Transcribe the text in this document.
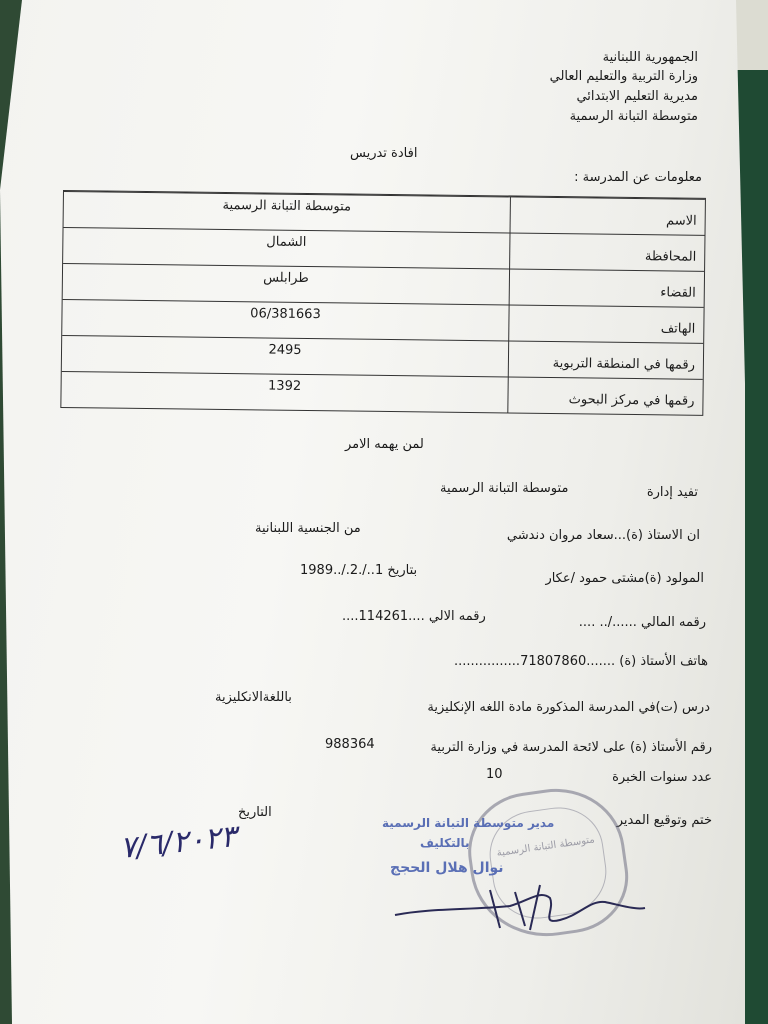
الجمهورية اللبنانية
وزارة التربية والتعليم العالي
مديرية التعليم الابتدائي
متوسطة التبانة الرسمية
افادة تدريس
معلومات عن المدرسة :
الاسم
متوسطة التبانة الرسمية
المحافظة
الشمال
القضاء
طرابلس
الهاتف
06/381663
رقمها في المنطقة التربوية
2495
رقمها في مركز البحوث
1392
لمن يهمه الامر
تفيد إدارة
متوسطة التبانة الرسمية
ان الاستاذ (ة)...سعاد مروان دندشي
من الجنسية اللبنانية
المولود (ة)مشتى حمود /عكار
بتاريخ 1../.2./..1989
رقمه المالي ....../.. ....
رقمه الالي ....114261....
هاتف الأستاذ (ة) .......71807860................
درس (ت)في المدرسة المذكورة مادة اللغه الإنكليزية
باللغةالانكليزية
رقم الأستاذ (ة) على لائحة المدرسة في وزارة التربية
988364
عدد سنوات الخبرة
10
ختم وتوقيع المدير
التاريخ
٧/٦/٢٠٢٣	متوسطة التبانة الرسمية
مدير متوسطة التبانة الرسمية
بالتكليف
نوال هلال الحجج
